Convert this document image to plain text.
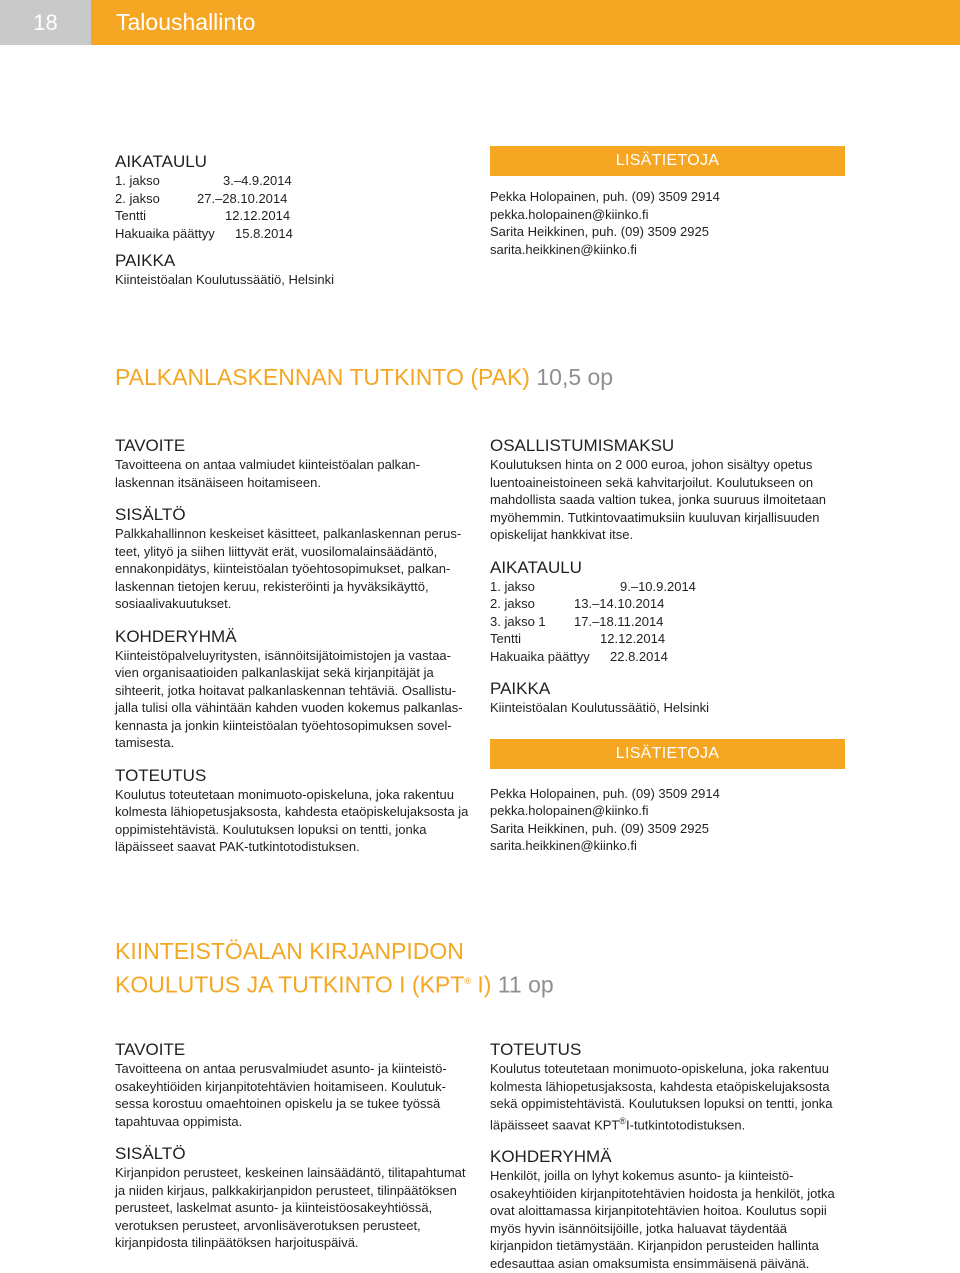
18	Taloushallinto

AIKATAULU

1. jakso	3.–4.9.2014
2. jakso	27.–28.10.2014
Tentti	12.12.2014
Hakuaika päättyy	15.8.2014

PAIKKA

Kiinteistöalan Koulutussäätiö, Helsinki

LISÄTIETOJA

Pekka Holopainen, puh. (09) 3509 2914

pekka.holopainen@kiinko.fi

Sarita Heikkinen, puh. (09) 3509 2925

sarita.heikkinen@kiinko.fi

PALKANLASKENNAN TUTKINTO (PAK) 10,5 op

TAVOITE

Tavoitteena on antaa valmiudet kiinteistöalan palkanlaskennan itsänäiseen hoitamiseen.

SISÄLTÖ

Palkkahallinnon keskeiset käsitteet, palkanlaskennan perusteet, ylityö ja siihen liittyvät erät, vuosilomalainsäädäntö, ennakonpidätys, kiinteistöalan työehtosopimukset, palkanlaskennan tietojen keruu, rekisteröinti ja hyväksikäyttö, sosiaalivakuutukset.

KOHDERYHMÄ

Kiinteistöpalveluyritysten, isännöitsijätoimistojen ja vastaavien organisaatioiden palkanlaskijat sekä kirjanpitäjät ja sihteerit, jotka hoitavat palkanlaskennan tehtäviä. Osallistujalla tulisi olla vähintään kahden vuoden kokemus palkanlaskennasta ja jonkin kiinteistöalan työehtosopimuksen soveltamisesta.

TOTEUTUS

Koulutus toteutetaan monimuoto-opiskeluna, joka rakentuu kolmesta lähiopetusjaksosta, kahdesta etaöpiskelujaksosta ja oppimistehtävistä. Koulutuksen lopuksi on tentti, jonka läpäisseet saavat PAK-tutkintotodistuksen.

OSALLISTUMISMAKSU

Koulutuksen hinta on 2 000 euroa, johon sisältyy opetus luentoaineistoineen sekä kahvitarjoilut. Koulutukseen on mahdollista saada valtion tukea, jonka suuruus ilmoitetaan myöhemmin. Tutkintovaatimuksiin kuuluvan kirjallisuuden opiskelijat hankkivat itse.

AIKATAULU

1. jakso	9.–10.9.2014
2. jakso	13.–14.10.2014
3. jakso 1	17.–18.11.2014
Tentti	12.12.2014
Hakuaika päättyy	22.8.2014

PAIKKA

Kiinteistöalan Koulutussäätiö, Helsinki

LISÄTIETOJA

Pekka Holopainen, puh. (09) 3509 2914

pekka.holopainen@kiinko.fi

Sarita Heikkinen, puh. (09) 3509 2925

sarita.heikkinen@kiinko.fi

KIINTEISTÖALAN KIRJANPIDON

KOULUTUS JA TUTKINTO I (KPT® I) 11 op

TAVOITE

Tavoitteena on antaa perusvalmiudet asunto- ja kiinteistöosakeyhtiöiden kirjanpitotehtävien hoitamiseen. Koulutuksessa korostuu omaehtoinen opiskelu ja se tukee työssä tapahtuvaa oppimista.

SISÄLTÖ

Kirjanpidon perusteet, keskeinen lainsäädäntö, tilitapahtumat ja niiden kirjaus, palkkakirjanpidon perusteet, tilinpäätöksen perusteet, laskelmat asunto- ja kiinteistöosakeyhtiössä, verotuksen perusteet, arvonlisäverotuksen perusteet, kirjanpidosta tilinpäätöksen harjoituspäivä.

TOTEUTUS

Koulutus toteutetaan monimuoto-opiskeluna, joka rakentuu kolmesta lähiopetusjaksosta, kahdesta etaöpiskelujaksosta sekä oppimistehtävistä. Koulutuksen lopuksi on tentti, jonka läpäisseet saavat KPT®I-tutkintotodistuksen.

KOHDERYHMÄ

Henkilöt, joilla on lyhyt kokemus asunto- ja kiinteistöosakeyhtiöiden kirjanpitotehtävien hoidosta ja henkilöt, jotka ovat aloittamassa kirjanpitotehtävien hoitoa. Koulutus sopii myös hyvin isännöitsijöille, jotka haluavat täydentää kirjanpidon tietämystään. Kirjanpidon perusteiden hallinta edesauttaa asian omaksumista ensimmäisenä päivänä.
